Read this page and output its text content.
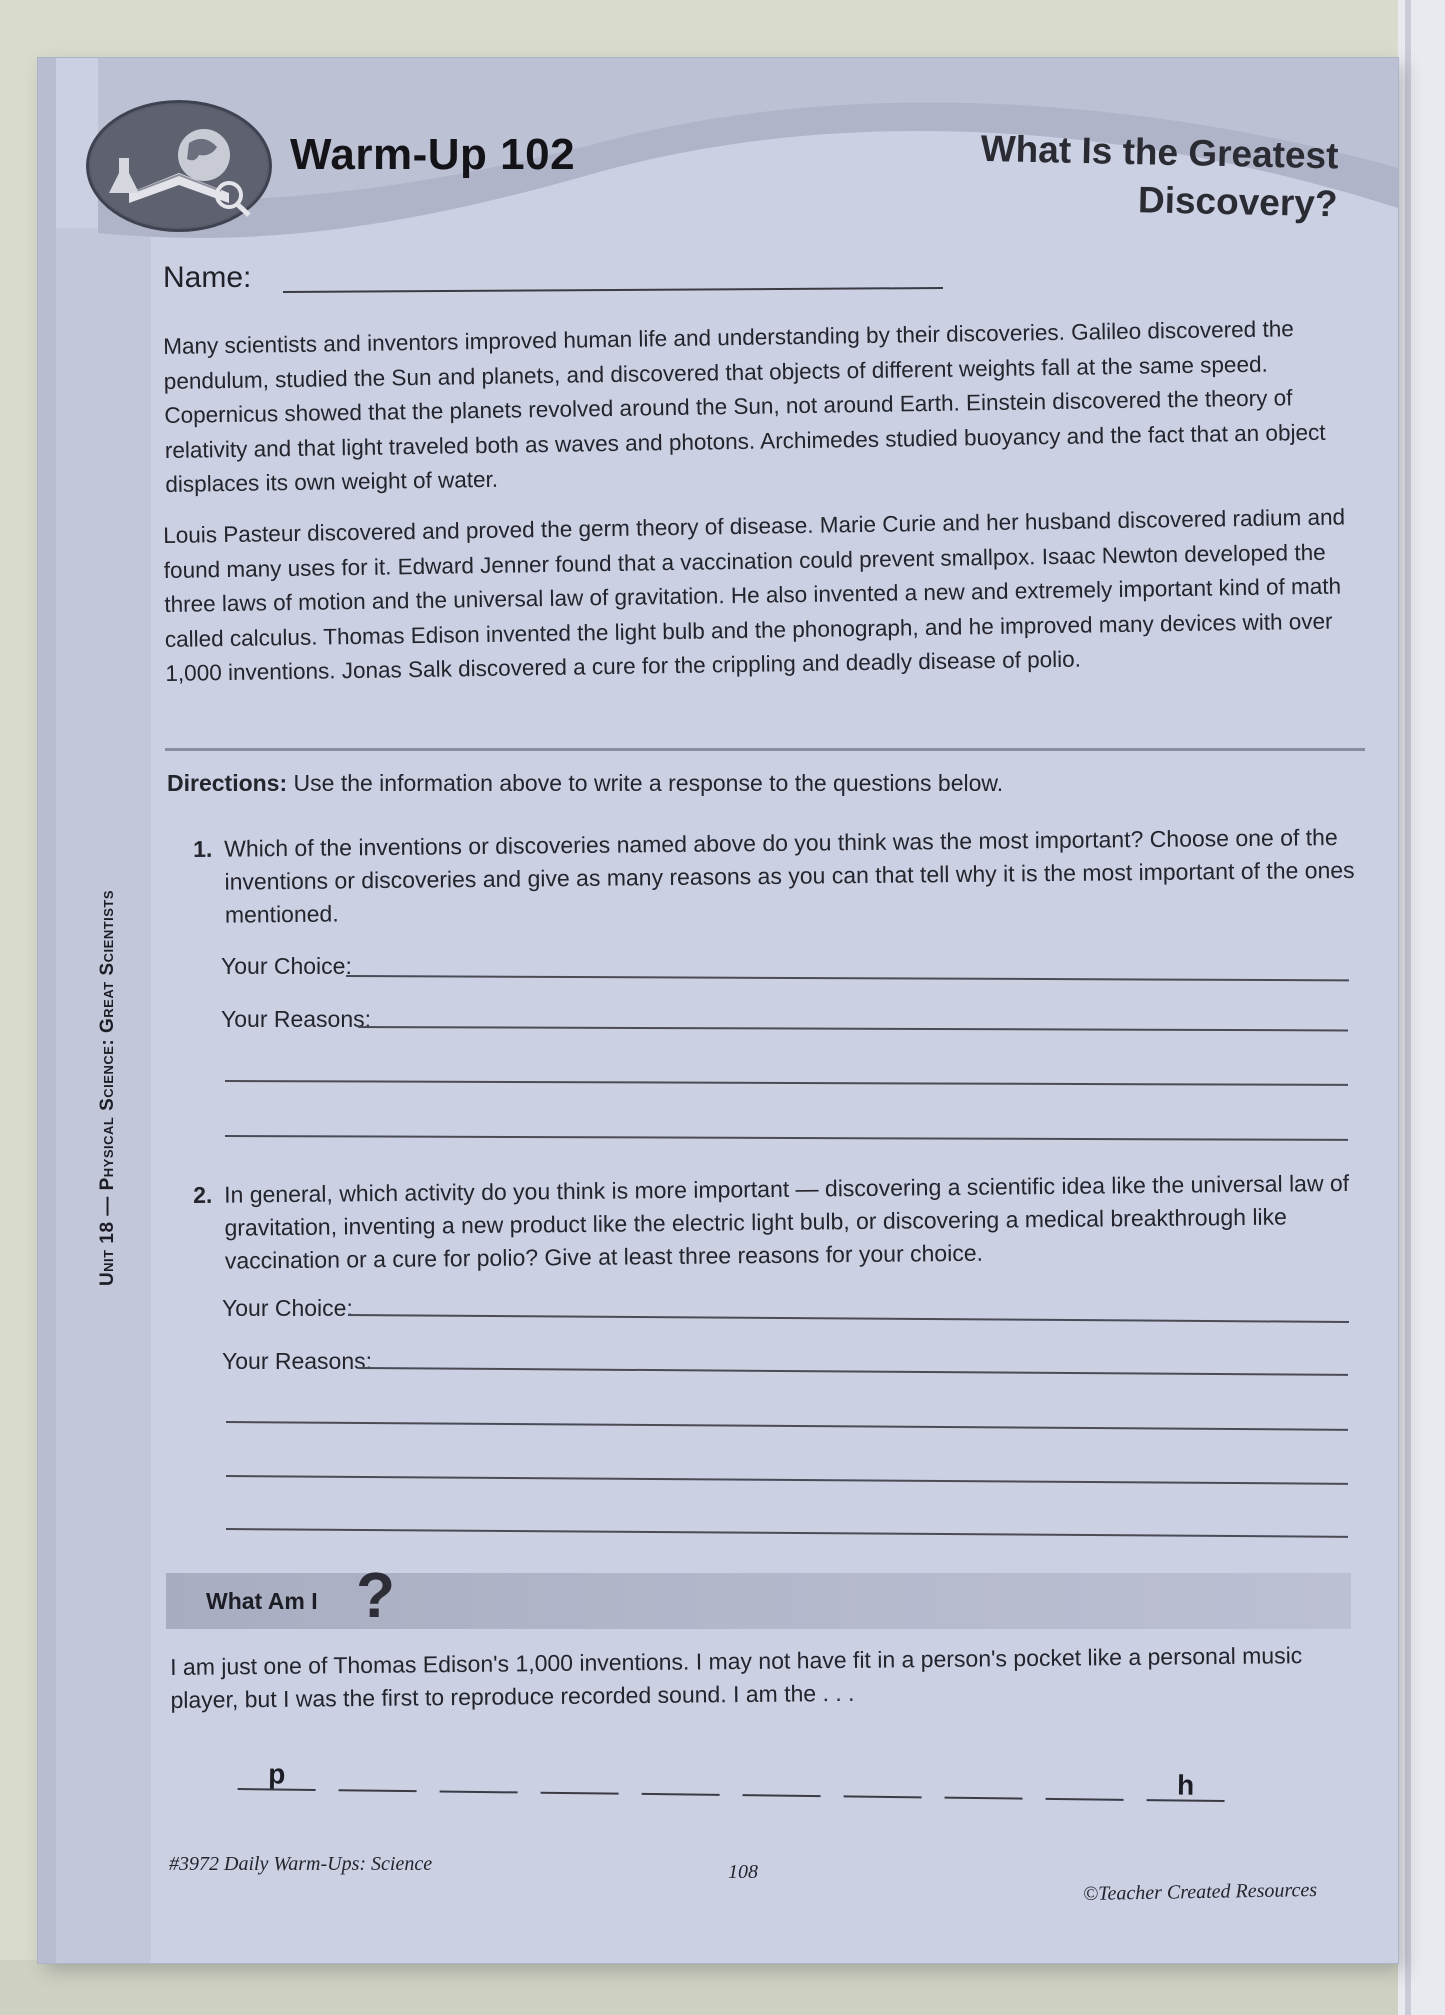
Unit 18 — Physical Science: Great Scientists
Warm-Up 102	What Is the Greatest
Discovery?
Name:
Many scientists and inventors improved human life and understanding by their discoveries. Galileo discovered the pendulum, studied the Sun and planets, and discovered that objects of different weights fall at the same speed. Copernicus showed that the planets revolved around the Sun, not around Earth. Einstein discovered the theory of relativity and that light traveled both as waves and photons. Archimedes studied buoyancy and the fact that an object displaces its own weight of water.
Louis Pasteur discovered and proved the germ theory of disease. Marie Curie and her husband discovered radium and found many uses for it. Edward Jenner found that a vaccination could prevent smallpox. Isaac Newton developed the three laws of motion and the universal law of gravitation. He also invented a new and extremely important kind of math called calculus. Thomas Edison invented the light bulb and the phonograph, and he improved many devices with over 1,000 inventions. Jonas Salk discovered a cure for the crippling and deadly disease of polio.
Directions: Use the information above to write a response to the questions below.
1. Which of the inventions or discoveries named above do you think was the most important? Choose one of the inventions or discoveries and give as many reasons as you can that tell why it is the most important of the ones mentioned.
Your Choice:
Your Reasons:
2. In general, which activity do you think is more important — discovering a scientific idea like the universal law of gravitation, inventing a new product like the electric light bulb, or discovering a medical breakthrough like vaccination or a cure for polio? Give at least three reasons for your choice.
Your Choice:
Your Reasons:
What Am I ?
I am just one of Thomas Edison's 1,000 inventions. I may not have fit in a person's pocket like a personal music player, but I was the first to reproduce recorded sound. I am the . . .
p	h
#3972 Daily Warm-Ups: Science	108
©Teacher Created Resources
